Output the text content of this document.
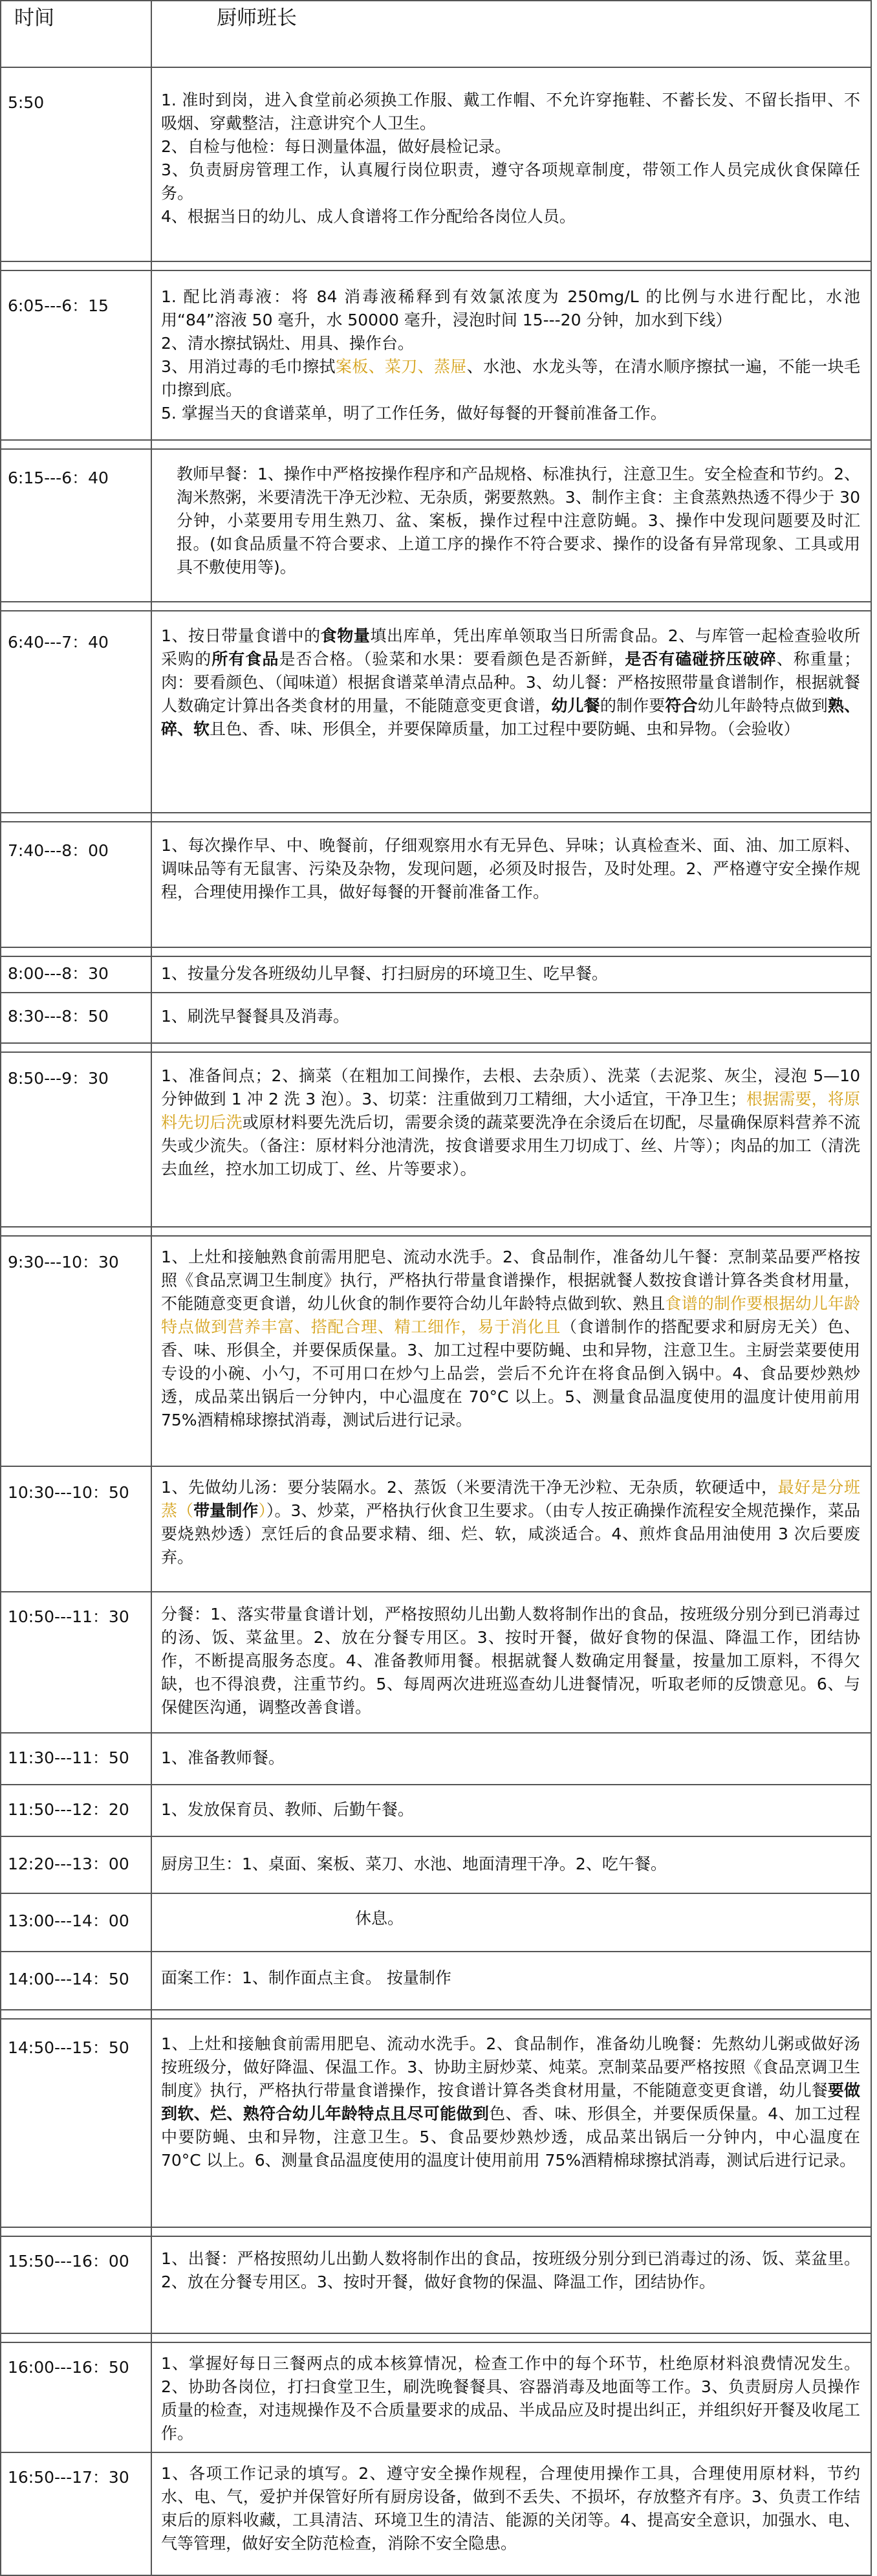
时间	厨师班长
5:50	1. 准时到岗，进入食堂前必须换工作服、戴工作帽、不允许穿拖鞋、不蓄长发、不留长指甲、不吸烟、穿戴整洁，注意讲究个人卫生。

2、自检与他检：每日测量体温，做好晨检记录。

3、负责厨房管理工作，认真履行岗位职责，遵守各项规章制度，带领工作人员完成伙食保障任务。

4、根据当日的幼儿、成人食谱将工作分配给各岗位人员。

6:05---6：15	1. 配比消毒液：将 84 消毒液稀释到有效氯浓度为 250mg/L 的比例与水进行配比，水池用“84”溶液 50 毫升，水 50000 毫升，浸泡时间 15---20 分钟，加水到下线）

2、清水擦拭锅灶、用具、操作台。

3、用消过毒的毛巾擦拭案板、菜刀、蒸屉、水池、水龙头等，在清水顺序擦拭一遍，不能一块毛巾擦到底。

5. 掌握当天的食谱菜单，明了工作任务，做好每餐的开餐前准备工作。

6:15---6：40	教师早餐：1、操作中严格按操作程序和产品规格、标准执行，注意卫生。安全检查和节约。2、淘米熬粥，米要清洗干净无沙粒、无杂质，粥要熬熟。3、制作主食：主食蒸熟热透不得少于 30 分钟，小菜要用专用生熟刀、盆、案板，操作过程中注意防蝇。3、操作中发现问题要及时汇报。(如食品质量不符合要求、上道工序的操作不符合要求、操作的设备有异常现象、工具或用具不敷使用等)。

6:40---7：40	1、按日带量食谱中的食物量填出库单，凭出库单领取当日所需食品。2、与库管一起检查验收所采购的所有食品是否合格。（验菜和水果：要看颜色是否新鲜，是否有磕碰挤压破碎、称重量；肉：要看颜色、（闻味道）根据食谱菜单清点品种。3、幼儿餐：严格按照带量食谱制作，根据就餐人数确定计算出各类食材的用量，不能随意变更食谱，幼儿餐的制作要符合幼儿年龄特点做到熟、碎、软且色、香、味、形俱全，并要保障质量，加工过程中要防蝇、虫和异物。（会验收）

7:40---8：00	1、每次操作早、中、晚餐前，仔细观察用水有无异色、异味；认真检查米、面、油、加工原料、调味品等有无鼠害、污染及杂物，发现问题，必须及时报告，及时处理。2、严格遵守安全操作规程，合理使用操作工具，做好每餐的开餐前准备工作。

8:00---8：30	1、按量分发各班级幼儿早餐、打扫厨房的环境卫生、吃早餐。

8:30---8：50	1、刷洗早餐餐具及消毒。

8:50---9：30	1、准备间点；2、摘菜（在粗加工间操作，去根、去杂质）、洗菜（去泥浆、灰尘，浸泡 5—10 分钟做到 1 冲 2 洗 3 泡）。3、切菜：注重做到刀工精细，大小适宜，干净卫生；根据需要，将原料先切后洗或原材料要先洗后切，需要余烫的蔬菜要洗净在余烫后在切配，尽量确保原料营养不流失或少流失。（备注：原材料分池清洗，按食谱要求用生刀切成丁、丝、片等）；肉品的加工（清洗去血丝，控水加工切成丁、丝、片等要求）。

9:30---10：30	1、上灶和接触熟食前需用肥皂、流动水洗手。2、食品制作，准备幼儿午餐：烹制菜品要严格按照《食品烹调卫生制度》执行，严格执行带量食谱操作，根据就餐人数按食谱计算各类食材用量，不能随意变更食谱，幼儿伙食的制作要符合幼儿年龄特点做到软、熟且食谱的制作要根据幼儿年龄特点做到营养丰富、搭配合理、精工细作，易于消化且（食谱制作的搭配要求和厨房无关）色、香、味、形俱全，并要保质保量。3、加工过程中要防蝇、虫和异物，注意卫生。主厨尝菜要使用专设的小碗、小勺，不可用口在炒勺上品尝，尝后不允许在将食品倒入锅中。4、食品要炒熟炒透，成品菜出锅后一分钟内，中心温度在 70°C 以上。5、测量食品温度使用的温度计使用前用 75%酒精棉球擦拭消毒，测试后进行记录。

10:30---10：50	1、先做幼儿汤：要分装隔水。2、蒸饭（米要清洗干净无沙粒、无杂质，软硬适中，最好是分班蒸（带量制作））。3、炒菜，严格执行伙食卫生要求。（由专人按正确操作流程安全规范操作，菜品要烧熟炒透）烹饪后的食品要求精、细、烂、软，咸淡适合。4、煎炸食品用油使用 3 次后要废弃。

10:50---11：30	分餐：1、落实带量食谱计划，严格按照幼儿出勤人数将制作出的食品，按班级分别分到已消毒过的汤、饭、菜盆里。2、放在分餐专用区。3、按时开餐，做好食物的保温、降温工作，团结协作，不断提高服务态度。4、准备教师用餐。根据就餐人数确定用餐量，按量加工原料，不得欠缺，也不得浪费，注重节约。5、每周两次进班巡查幼儿进餐情况，听取老师的反馈意见。6、与保健医沟通，调整改善食谱。

11:30---11：50	1、准备教师餐。

11:50---12：20	1、发放保育员、教师、后勤午餐。

12:20---13：00	厨房卫生：1、桌面、案板、菜刀、水池、地面清理干净。2、吃午餐。

13:00---14：00	休息。

14:00---14：50	面案工作：1、制作面点主食。 按量制作

14:50---15：50	1、上灶和接触食前需用肥皂、流动水洗手。2、食品制作，准备幼儿晚餐：先熬幼儿粥或做好汤按班级分，做好降温、保温工作。3、协助主厨炒菜、炖菜。烹制菜品要严格按照《食品烹调卫生制度》执行，严格执行带量食谱操作，按食谱计算各类食材用量，不能随意变更食谱，幼儿餐要做到软、烂、熟符合幼儿年龄特点且尽可能做到色、香、味、形俱全，并要保质保量。4、加工过程中要防蝇、虫和异物，注意卫生。5、食品要炒熟炒透，成品菜出锅后一分钟内，中心温度在 70°C 以上。6、测量食品温度使用的温度计使用前用 75%酒精棉球擦拭消毒，测试后进行记录。

15:50---16：00	1、出餐：严格按照幼儿出勤人数将制作出的食品，按班级分别分到已消毒过的汤、饭、菜盆里。2、放在分餐专用区。3、按时开餐，做好食物的保温、降温工作，团结协作。

16:00---16：50	1、掌握好每日三餐两点的成本核算情况，检查工作中的每个环节，杜绝原材料浪费情况发生。2、协助各岗位，打扫食堂卫生，刷洗晚餐餐具、容器消毒及地面等工作。3、负责厨房人员操作质量的检查，对违规操作及不合质量要求的成品、半成品应及时提出纠正，并组织好开餐及收尾工作。

16:50---17：30	1、各项工作记录的填写。2、遵守安全操作规程，合理使用操作工具，合理使用原材料，节约水、电、气，爱护并保管好所有厨房设备，做到不丢失、不损坏，存放整齐有序。3、负责工作结束后的原料收藏，工具清洁、环境卫生的清洁、能源的关闭等。4、提高安全意识，加强水、电、气等管理，做好安全防范检查，消除不安全隐患。
